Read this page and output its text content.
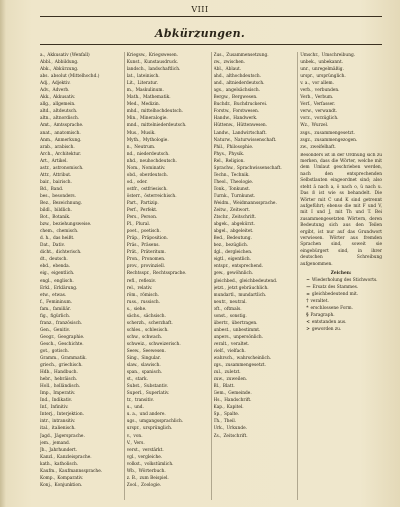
VIII
Abkürzungen.
a., Akkusativ (Wenfall)
Abbl., Abbildung.
Abk., Abkürzung.
abs. absolut (Mittelhochd.)
Adj., Adjektiv.
Adv., Adverb.
Akk., Akkusativ.
allg., allgemein.
altd., altdeutsch.
altn., altnordisch.
Amt., Amtssprache.
anat., anatomisch.
Anm., Anmerkung.
arab., arabisch.
Arch., Architektur.
Art., Artikel.
astr., astronomisch.
Attr., Attribut.
bair., bairisch.
Bd., Band.
bes., besonders.
Bez., Bezeichnung.
bildl., bildlich.
Bot., Botanik.
bzw., beziehungsweise.
chem., chemisch.
d. h., das heißt.
Dat., Dativ.
dicht., dichterisch.
dt., deutsch.
ebd., ebenda.
eig., eigentlich.
engl., englisch.
Erkl., Erklärung.
etw., etwas.
f., Femininum.
fam., familiär.
fig., figürlich.
franz., französisch.
Gen., Genitiv.
Geogr., Geographie.
Gesch., Geschichte.
got., gotisch.
Gramm., Grammatik.
griech., griechisch.
Hdb., Handbuch.
hebr., hebräisch.
Holl., holländisch.
Imp., Imperativ.
Ind., Indikativ.
Inf., Infinitiv.
Interj., Interjektion.
intr., intransitiv.
ital., italienisch.
Jagd., Jägersprache.
jem., jemand.
Jh., Jahrhundert.
Kanzl., Kanzleisprache.
kath., katholisch.
Kaufm., Kaufmannssprache.
Komp., Komparativ.
Konj., Konjunktion.
Kriegsw., Kriegswesen.
Kunst., Kunstausdruck.
landsch., landschaftlich.
lat., lateinisch.
Lit., Literatur.
m., Maskulinum.
Math., Mathematik.
Med., Medizin.
mhd., mittelhochdeutsch.
Min., Mineralogie.
mnd., mittelniederdeutsch.
Mus., Musik.
Myth., Mythologie.
n., Neutrum.
nd., niederdeutsch.
nhd., neuhochdeutsch.
Nom., Nominativ.
obd., oberdeutsch.
od., oder.
ostfr., ostfriesisch.
österr., österreichisch.
Part., Partizip.
Perf., Perfekt.
Pers., Person.
Pl., Plural.
poet., poetisch.
Präp., Präposition.
Präs., Präsens.
Prät., Präteritum.
Pron., Pronomen.
prov., provinziell.
Rechtsspr., Rechtssprache.
refl., reflexiv.
rel., relativ.
röm., römisch.
russ., russisch.
s., siehe.
sächs., sächsisch.
scherzh., scherzhaft.
schles., schlesisch.
schw., schwach.
schweiz., schweizerisch.
Seew., Seewesen.
Sing., Singular.
slaw., slawisch.
span., spanisch.
st., stark.
Subst., Substantiv.
Superl., Superlativ.
tr., transitiv.
u., und.
u. a., und andere.
ugs., umgangssprachlich.
urspr., ursprünglich.
v., von.
V., Vers.
verst., verstärkt.
vgl., vergleiche.
volkst., volkstümlich.
Wb., Wörterbuch.
z. B., zum Beispiel.
Zool., Zoologie.
Zus., Zusammensetzung.
zw., zwischen.
Abl., Ablaut.
ahd., althochdeutsch.
and., altniederdeutsch.
ags., angelsächsisch.
Bergw., Bergwesen.
Buchdr., Buchdruckerei.
Forstw., Forstwesen.
Handw., Handwerk.
Hüttenw., Hüttenwesen.
Landw., Landwirtschaft.
Naturw., Naturwissenschaft.
Phil., Philosophie.
Phys., Physik.
Rel., Religion.
Sprachw., Sprachwissenschaft.
Techn., Technik.
Theol., Theologie.
Tonk., Tonkunst.
Turnk., Turnkunst.
Weidm., Weidmannssprache.
Zeitw., Zeitwort.
Ztschr., Zeitschrift.
abgek., abgekürzt.
abgel., abgeleitet.
Bed., Bedeutung.
bez., bezüglich.
dgl., dergleichen.
eigtl., eigentlich.
entspr., entsprechend.
gew., gewöhnlich.
gleichbed., gleichbedeutend.
jetzt., jetzt gebräuchlich.
mundartl., mundartlich.
neutr., neutral.
oft., oftmals.
sonst., sonstig.
übertr., übertragen.
unbest., unbestimmt.
unpers., unpersönlich.
veralt., veraltet.
vielf., vielfach.
wahrsch., wahrscheinlich.
zgs., zusammengesetzt.
zul., zuletzt.
zuw., zuweilen.
Bl., Blatt.
Gem., Gemeinde.
Hs., Handschrift.
Kap., Kapitel.
Sp., Spalte.
Th., Theil.
Urk., Urkunde.
Zs., Zeitschrift.
Umschr., Umschreibung.
unbek., unbekannt.
unr., unregelmäßig.
urspr., ursprünglich.
v. a., vor allem.
verb., verbunden.
Verb., Verbum.
Verf., Verfasser.
verw., verwandt.
vorz., vorzüglich.
Wz., Wurzel.
zsgs., zusammengesetzt.
zsgz., zusammengezogen.
zw., zweifelhaft.
Besonders ist in der Ordnung sich zu merken, dass die Wörter, welche mit dem Umlaut geschrieben werden, nach den entsprechenden Selbstlauten eingeordnet sind; also steht ä nach a, ö nach o, ü nach u. Das ß ist wie ss behandelt. Die Wörter mit C und K sind getrennt aufgeführt; ebenso die mit F und V, mit I und J, mit Th und T. Bei zusammengesetzten Wörtern, deren Bedeutung sich aus den Teilen ergibt, ist nur auf das Grundwort verwiesen. Wörter aus fremden Sprachen sind, soweit sie eingebürgert sind, in ihrer deutschen Schreibung aufgenommen.
Zeichen:
~ Wiederholung des Stichworts.
— Ersatz des Stammes.
= gleichbedeutend mit.
† veraltet.
* erschlossene Form.
§ Paragraph.
< entstanden aus.
> geworden zu.
